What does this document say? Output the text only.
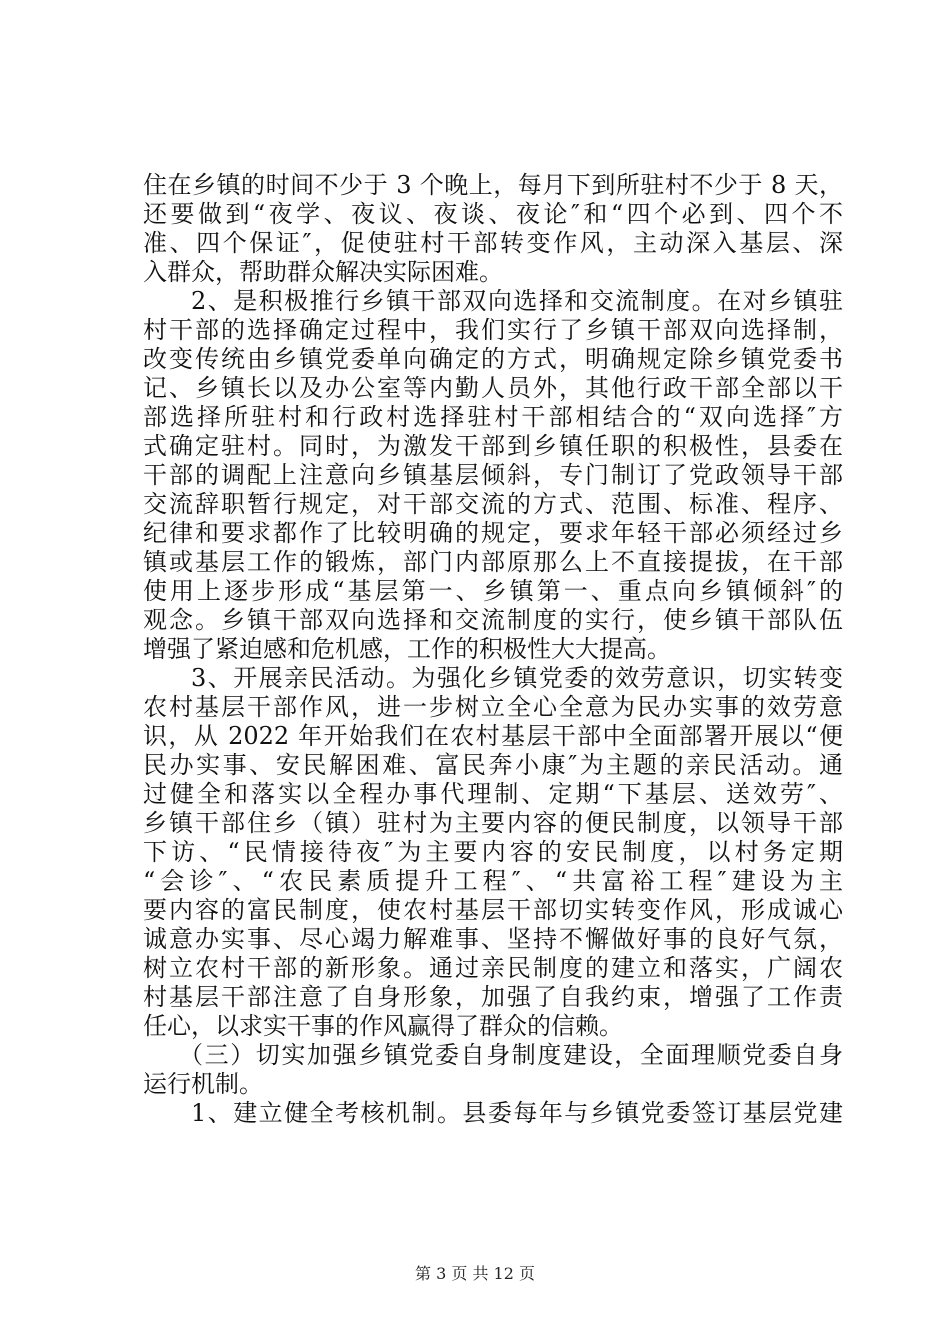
住在乡镇的时间不少于 3 个晚上，每月下到所驻村不少于 8 天，
还要做到“夜学、夜议、夜谈、夜论″和“四个必到、四个不
准、四个保证″，促使驻村干部转变作风，主动深入基层、深
入群众，帮助群众解决实际困难。
2、是积极推行乡镇干部双向选择和交流制度。在对乡镇驻
村干部的选择确定过程中，我们实行了乡镇干部双向选择制，
改变传统由乡镇党委单向确定的方式，明确规定除乡镇党委书
记、乡镇长以及办公室等内勤人员外，其他行政干部全部以干
部选择所驻村和行政村选择驻村干部相结合的“双向选择″方
式确定驻村。同时，为激发干部到乡镇任职的积极性，县委在
干部的调配上注意向乡镇基层倾斜，专门制订了党政领导干部
交流辞职暂行规定，对干部交流的方式、范围、标准、程序、
纪律和要求都作了比较明确的规定，要求年轻干部必须经过乡
镇或基层工作的锻炼，部门内部原那么上不直接提拔，在干部
使用上逐步形成“基层第一、乡镇第一、重点向乡镇倾斜″的
观念。乡镇干部双向选择和交流制度的实行，使乡镇干部队伍
增强了紧迫感和危机感，工作的积极性大大提高。
3、开展亲民活动。为强化乡镇党委的效劳意识，切实转变
农村基层干部作风，进一步树立全心全意为民办实事的效劳意
识，从 2022 年开始我们在农村基层干部中全面部署开展以“便
民办实事、安民解困难、富民奔小康″为主题的亲民活动。通
过健全和落实以全程办事代理制、定期“下基层、送效劳″、
乡镇干部住乡（镇）驻村为主要内容的便民制度，以领导干部
下访、“民情接待夜″为主要内容的安民制度，以村务定期
“会诊″、“农民素质提升工程″、“共富裕工程″建设为主
要内容的富民制度，使农村基层干部切实转变作风，形成诚心
诚意办实事、尽心竭力解难事、坚持不懈做好事的良好气氛，
树立农村干部的新形象。通过亲民制度的建立和落实，广阔农
村基层干部注意了自身形象，加强了自我约束，增强了工作责
任心，以求实干事的作风赢得了群众的信赖。
（三）切实加强乡镇党委自身制度建设，全面理顺党委自身
运行机制。
1、建立健全考核机制。县委每年与乡镇党委签订基层党建
第 3 页 共 12 页
